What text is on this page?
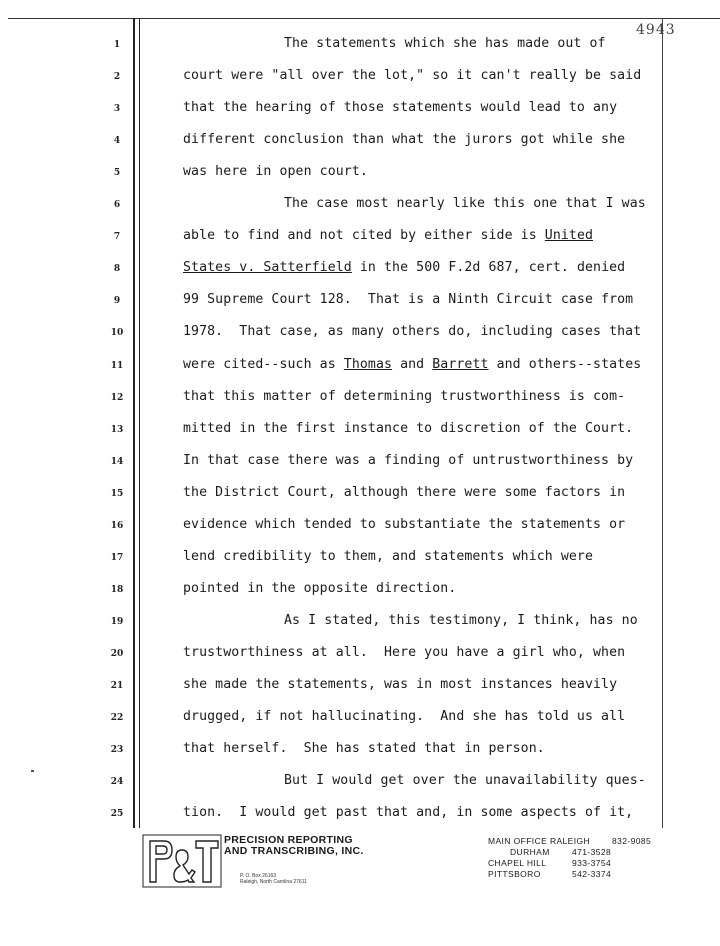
4943
1
2
3
4
5
6
7
8
9
10
11
12
13
14
15
16
17
18
19
20
21
22
23
24
25
The statements which she has made out of
court were "all over the lot," so it can't really be said
that the hearing of those statements would lead to any
different conclusion than what the jurors got while she
was here in open court.
The case most nearly like this one that I was
able to find and not cited by either side is United
States v. Satterfield in the 500 F.2d 687, cert. denied
99 Supreme Court 128.  That is a Ninth Circuit case from
1978.  That case, as many others do, including cases that
were cited--such as Thomas and Barrett and others--states
that this matter of determining trustworthiness is com-
mitted in the first instance to discretion of the Court.
In that case there was a finding of untrustworthiness by
the District Court, although there were some factors in
evidence which tended to substantiate the statements or
lend credibility to them, and statements which were
pointed in the opposite direction.
As I stated, this testimony, I think, has no
trustworthiness at all.  Here you have a girl who, when
she made the statements, was in most instances heavily
drugged, if not hallucinating.  And she has told us all
that herself.  She has stated that in person.
But I would get over the unavailability ques-
tion.  I would get past that and, in some aspects of it,
P&T
PRECISION REPORTING
AND TRANSCRIBING, INC.
P. O. Box 26163
Raleigh, North Carolina 27611
MAIN OFFICE RALEIGH	832-9085
DURHAM	471-3528
CHAPEL HILL	933-3754
PITTSBORO	542-3374
